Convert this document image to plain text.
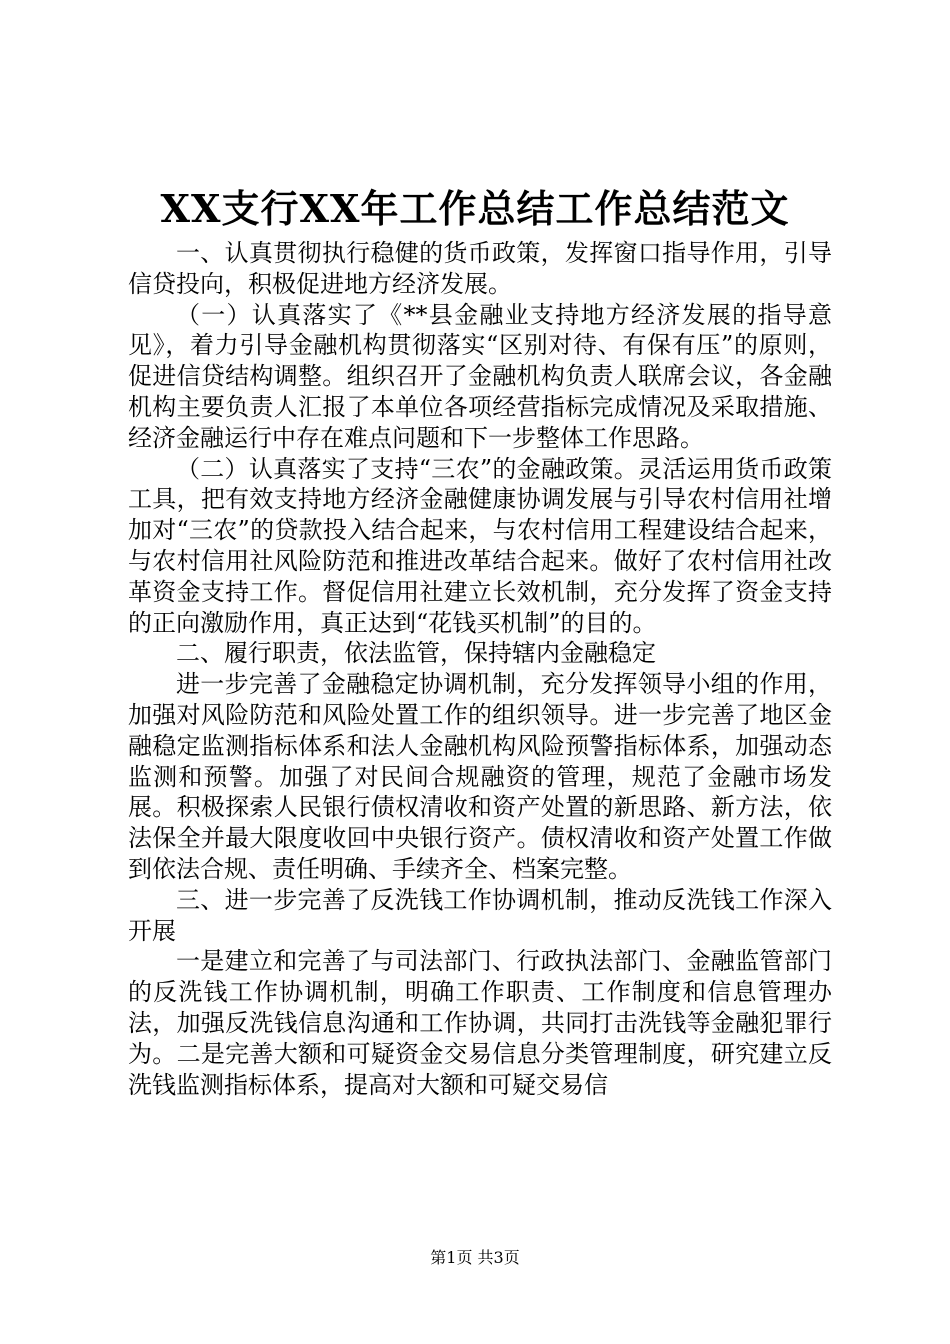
XX支行XX年工作总结工作总结范文

一、认真贯彻执行稳健的货币政策，发挥窗口指导作用，引导信贷投向，积极促进地方经济发展。

（一）认真落实了《**县金融业支持地方经济发展的指导意见》，着力引导金融机构贯彻落实“区别对待、有保有压”的原则，促进信贷结构调整。组织召开了金融机构负责人联席会议，各金融机构主要负责人汇报了本单位各项经营指标完成情况及采取措施、经济金融运行中存在难点问题和下一步整体工作思路。

（二）认真落实了支持“三农”的金融政策。灵活运用货币政策工具，把有效支持地方经济金融健康协调发展与引导农村信用社增加对“三农”的贷款投入结合起来，与农村信用工程建设结合起来，与农村信用社风险防范和推进改革结合起来。做好了农村信用社改革资金支持工作。督促信用社建立长效机制，充分发挥了资金支持的正向激励作用，真正达到“花钱买机制”的目的。

二、履行职责，依法监管，保持辖内金融稳定

进一步完善了金融稳定协调机制，充分发挥领导小组的作用，加强对风险防范和风险处置工作的组织领导。进一步完善了地区金融稳定监测指标体系和法人金融机构风险预警指标体系，加强动态监测和预警。加强了对民间合规融资的管理，规范了金融市场发展。积极探索人民银行债权清收和资产处置的新思路、新方法，依法保全并最大限度收回中央银行资产。债权清收和资产处置工作做到依法合规、责任明确、手续齐全、档案完整。

三、进一步完善了反洗钱工作协调机制，推动反洗钱工作深入开展

一是建立和完善了与司法部门、行政执法部门、金融监管部门的反洗钱工作协调机制，明确工作职责、工作制度和信息管理办法，加强反洗钱信息沟通和工作协调，共同打击洗钱等金融犯罪行为。二是完善大额和可疑资金交易信息分类管理制度，研究建立反洗钱监测指标体系，提高对大额和可疑交易信

第1页 共3页
